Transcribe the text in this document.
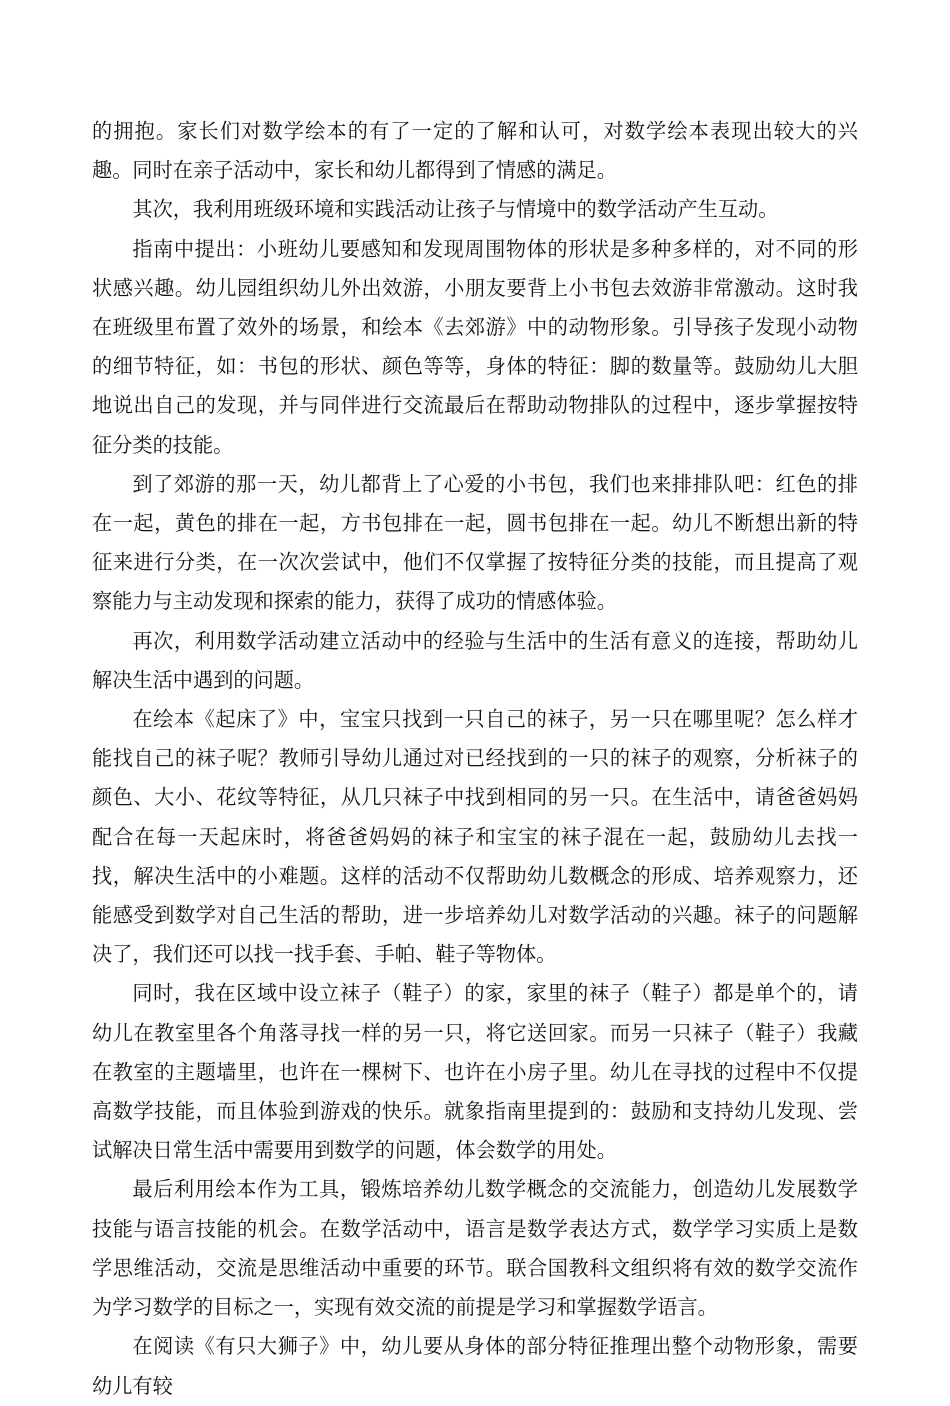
的拥抱。家长们对数学绘本的有了一定的了解和认可，对数学绘本表现出较大的兴趣。同时在亲子活动中，家长和幼儿都得到了情感的满足。

其次，我利用班级环境和实践活动让孩子与情境中的数学活动产生互动。

指南中提出：小班幼儿要感知和发现周围物体的形状是多种多样的，对不同的形状感兴趣。幼儿园组织幼儿外出效游，小朋友要背上小书包去效游非常激动。这时我在班级里布置了效外的场景，和绘本《去郊游》中的动物形象。引导孩子发现小动物的细节特征，如：书包的形状、颜色等等，身体的特征：脚的数量等。鼓励幼儿大胆地说出自己的发现，并与同伴进行交流最后在帮助动物排队的过程中，逐步掌握按特征分类的技能。

到了郊游的那一天，幼儿都背上了心爱的小书包，我们也来排排队吧：红色的排在一起，黄色的排在一起，方书包排在一起，圆书包排在一起。幼儿不断想出新的特征来进行分类，在一次次尝试中，他们不仅掌握了按特征分类的技能，而且提高了观察能力与主动发现和探索的能力，获得了成功的情感体验。

再次，利用数学活动建立活动中的经验与生活中的生活有意义的连接，帮助幼儿解决生活中遇到的问题。

在绘本《起床了》中，宝宝只找到一只自己的袜子，另一只在哪里呢？怎么样才能找自己的袜子呢？教师引导幼儿通过对已经找到的一只的袜子的观察，分析袜子的颜色、大小、花纹等特征，从几只袜子中找到相同的另一只。在生活中，请爸爸妈妈配合在每一天起床时，将爸爸妈妈的袜子和宝宝的袜子混在一起，鼓励幼儿去找一找，解决生活中的小难题。这样的活动不仅帮助幼儿数概念的形成、培养观察力，还能感受到数学对自己生活的帮助，进一步培养幼儿对数学活动的兴趣。袜子的问题解决了，我们还可以找一找手套、手帕、鞋子等物体。

同时，我在区域中设立袜子（鞋子）的家，家里的袜子（鞋子）都是单个的，请幼儿在教室里各个角落寻找一样的另一只，将它送回家。而另一只袜子（鞋子）我藏在教室的主题墙里，也许在一棵树下、也许在小房子里。幼儿在寻找的过程中不仅提高数学技能，而且体验到游戏的快乐。就象指南里提到的：鼓励和支持幼儿发现、尝试解决日常生活中需要用到数学的问题，体会数学的用处。

最后利用绘本作为工具，锻炼培养幼儿数学概念的交流能力，创造幼儿发展数学技能与语言技能的机会。在数学活动中，语言是数学表达方式，数学学习实质上是数学思维活动，交流是思维活动中重要的环节。联合国教科文组织将有效的数学交流作为学习数学的目标之一，实现有效交流的前提是学习和掌握数学语言。

在阅读《有只大狮子》中，幼儿要从身体的部分特征推理出整个动物形象，需要幼儿有较
